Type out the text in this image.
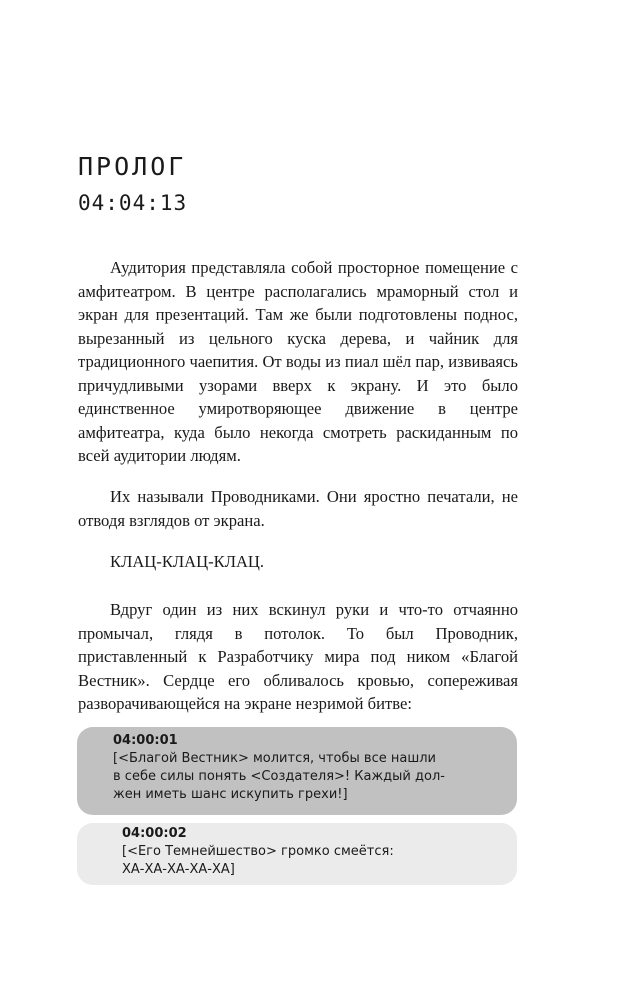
ПРОЛОГ
04:04:13

Аудитория представляла собой просторное помещение с амфитеатром. В центре располагались мраморный стол и экран для презентаций. Там же были подготовлены поднос, вырезанный из цельного куска дерева, и чайник для традиционного чаепития. От воды из пиал шёл пар, извиваясь причудливыми узорами вверх к экрану. И это было единственное умиротворяющее движение в центре амфитеатра, куда было некогда смотреть раскиданным по всей аудитории людям.

Их называли Проводниками. Они яростно печатали, не отводя взглядов от экрана.

КЛАЦ-КЛАЦ-КЛАЦ.

Вдруг один из них вскинул руки и что-то отчаянно промычал, глядя в потолок. То был Проводник, приставленный к Разработчику мира под ником «Благой Вестник». Сердце его обливалось кровью, сопереживая разворачивающейся на экране незримой битве:

04:00:01
[<Благой Вестник> молится, чтобы все нашли
в себе силы понять <Создателя>! Каждый дол-
жен иметь шанс искупить грехи!]
04:00:02
[<Его Темнейшество> громко смеётся:
ХА-ХА-ХА-ХА-ХА]
